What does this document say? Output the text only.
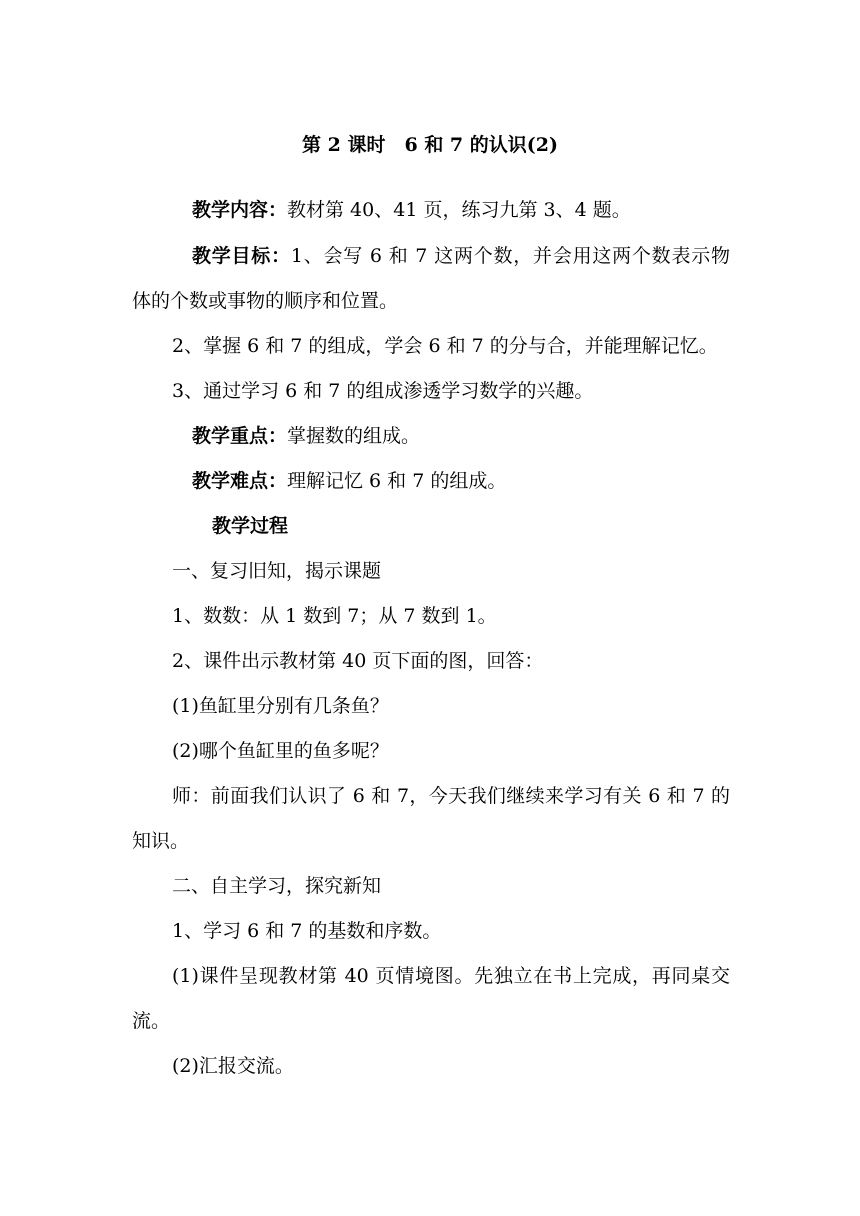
第 2 课时　6 和 7 的认识(2)
教学内容：教材第 40、41 页，练习九第 3、4 题。
教学目标：1、会写 6 和 7 这两个数，并会用这两个数表示物
体的个数或事物的顺序和位置。
2、掌握 6 和 7 的组成，学会 6 和 7 的分与合，并能理解记忆。
3、通过学习 6 和 7 的组成渗透学习数学的兴趣。
教学重点：掌握数的组成。
教学难点：理解记忆 6 和 7 的组成。
教学过程
一、复习旧知，揭示课题
1、数数：从 1 数到 7；从 7 数到 1。
2、课件出示教材第 40 页下面的图，回答：
(1)鱼缸里分别有几条鱼？
(2)哪个鱼缸里的鱼多呢？
师：前面我们认识了 6 和 7，今天我们继续来学习有关 6 和 7 的
知识。
二、自主学习，探究新知
1、学习 6 和 7 的基数和序数。
(1)课件呈现教材第 40 页情境图。先独立在书上完成，再同桌交
流。
(2)汇报交流。
